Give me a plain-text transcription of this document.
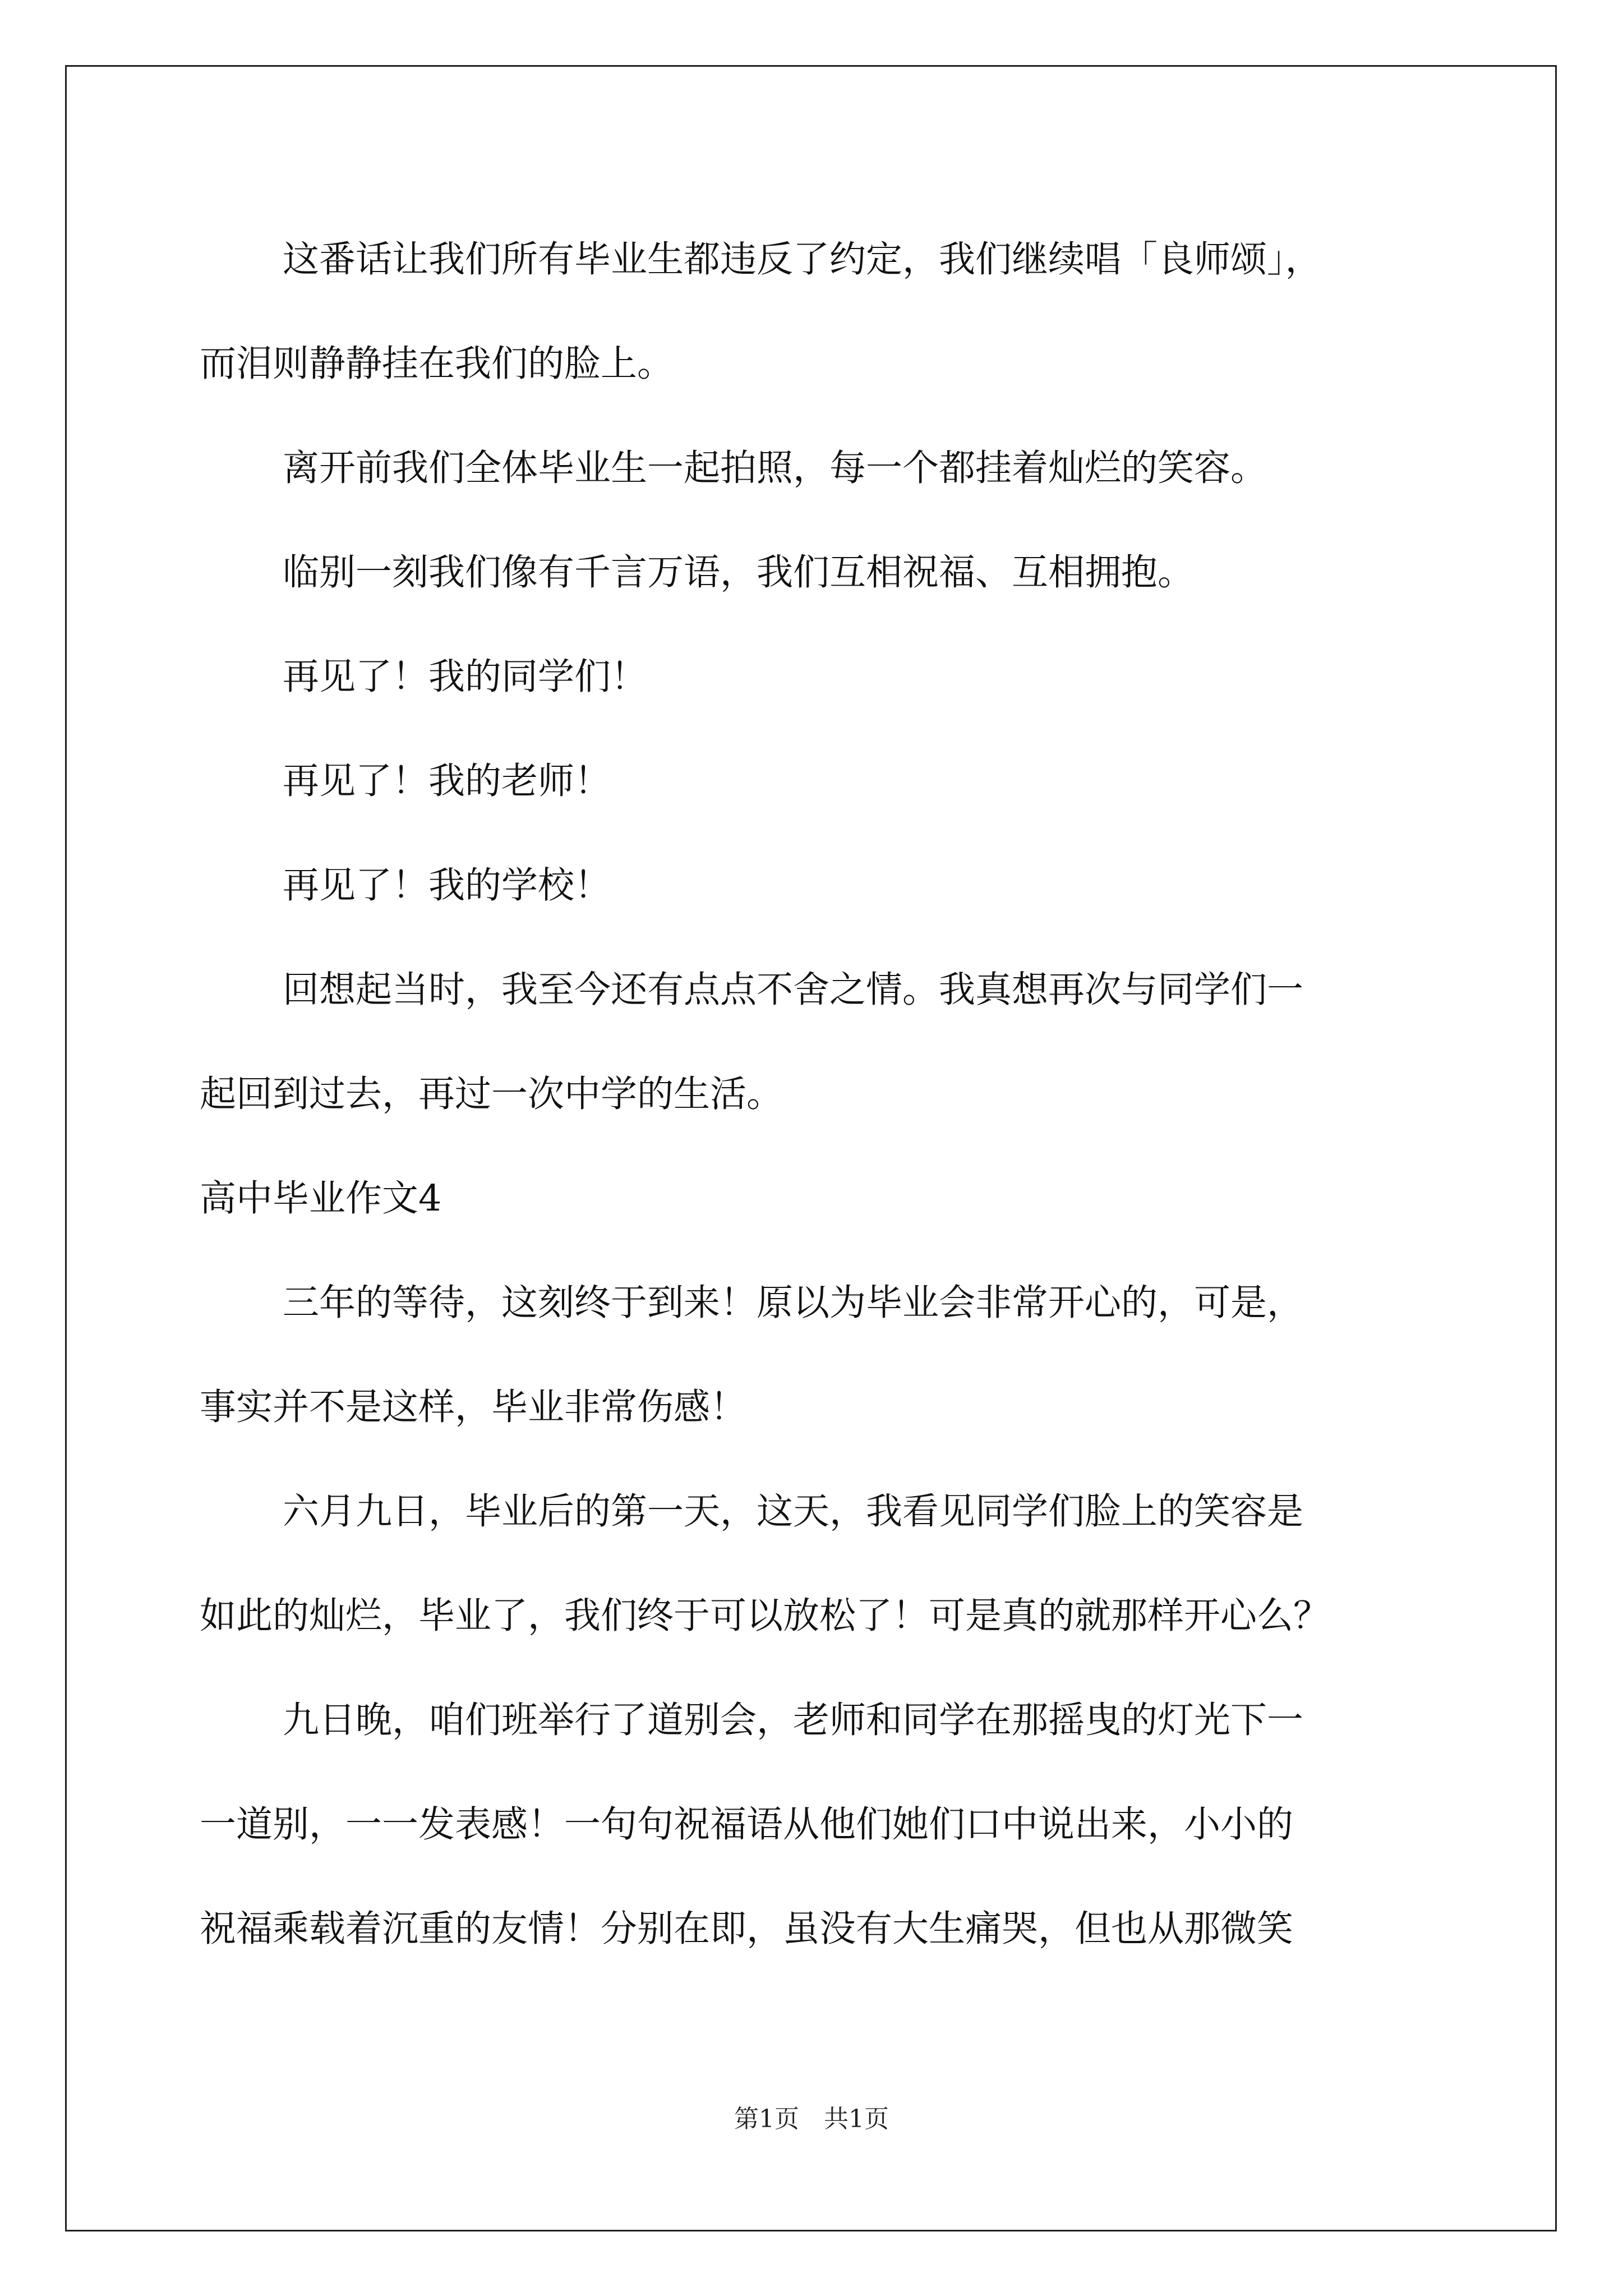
这番话让我们所有毕业生都违反了约定，我们继续唱「良师颂」，

而泪则静静挂在我们的脸上。

离开前我们全体毕业生一起拍照，每一个都挂着灿烂的笑容。

临别一刻我们像有千言万语，我们互相祝福、互相拥抱。

再见了！我的同学们！

再见了！我的老师！

再见了！我的学校！

回想起当时，我至今还有点点不舍之情。我真想再次与同学们一

起回到过去，再过一次中学的生活。

高中毕业作文4

三年的等待，这刻终于到来！原以为毕业会非常开心的，可是，

事实并不是这样，毕业非常伤感！

六月九日，毕业后的第一天，这天，我看见同学们脸上的笑容是

如此的灿烂，毕业了，我们终于可以放松了！可是真的就那样开心么？

九日晚，咱们班举行了道别会，老师和同学在那摇曳的灯光下一

一道别，一一发表感！一句句祝福语从他们她们口中说出来，小小的

祝福乘载着沉重的友情！分别在即，虽没有大生痛哭，但也从那微笑

第1页 共1页
